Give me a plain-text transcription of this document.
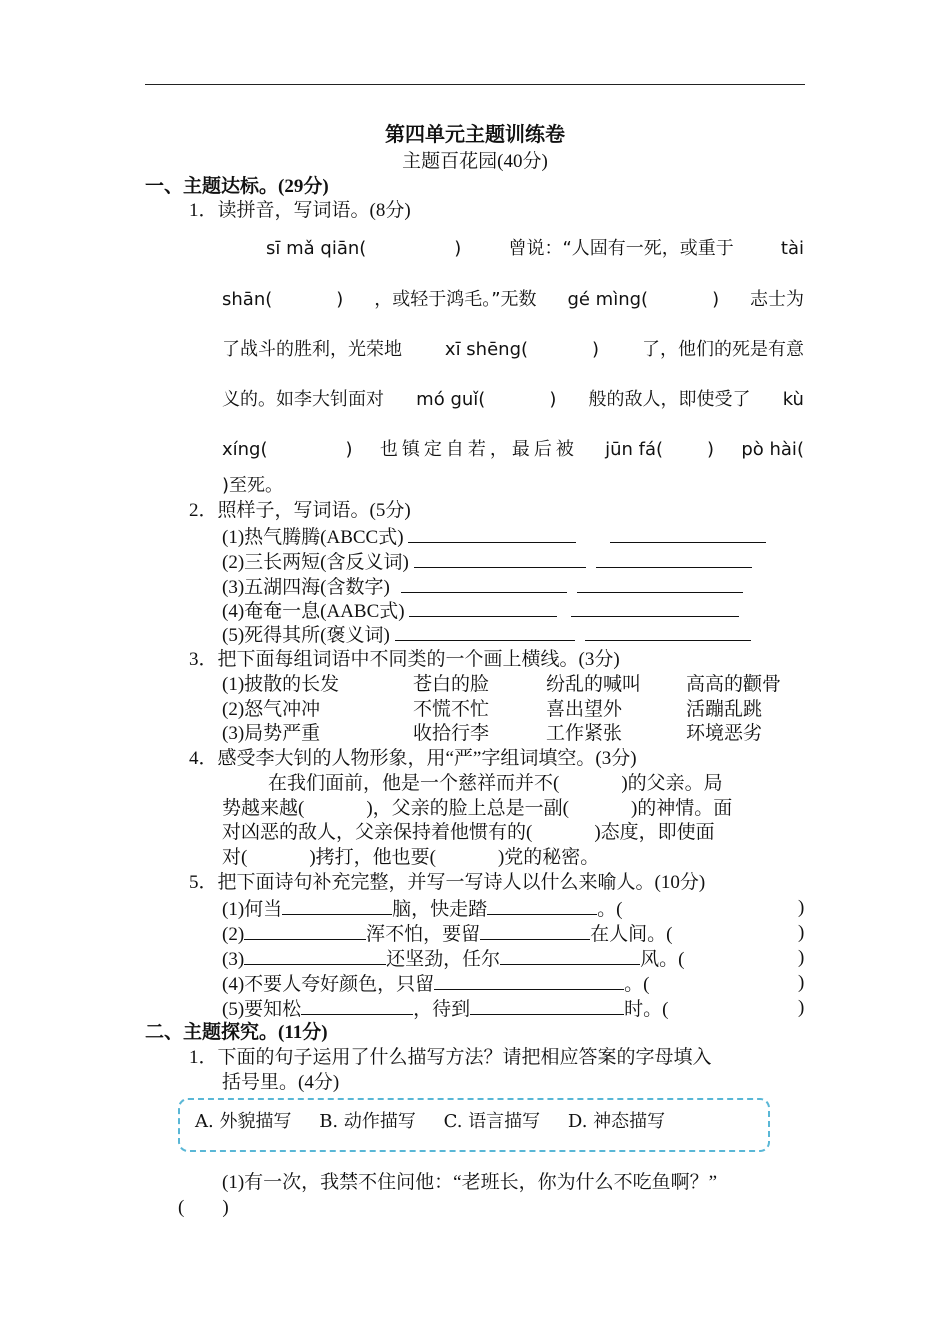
第四单元主题训练卷
主题百花园(40分)
一、主题达标。(29分)
1．读拼音，写词语。(8分)
sī mǎ qiān(	)	曾说：“人固有一死，或重于	tài
shān(	) ，或轻于鸿毛。”无数 gé mìng(	) 志士为
了战斗的胜利，光荣地 xī shēng(	) 了，他们的死是有意
义的。如李大钊面对 mó guǐ(	) 般的敌人，即使受了 kù
xíng(	) 也镇定自若，最后被 jūn fá( ) pò hài(
)至死。
2．照样子，写词语。(5分)
(1)热气腾腾(ABCC式)
(2)三长两短(含反义词)
(3)五湖四海(含数字)
(4)奄奄一息(AABC式)
(5)死得其所(褒义词)
3．把下面每组词语中不同类的一个画上横线。(3分)
(1)披散的长发	苍白的脸	纷乱的喊叫 高高的颧骨
(2)怒气冲冲	不慌不忙	喜出望外	活蹦乱跳
(3)局势严重	收拾行李	工作紧张	环境恶劣
4．感受李大钊的人物形象，用“严”字组词填空。(3分)
在我们面前，他是一个慈祥而并不(	)的父亲。局
势越来越(	)，父亲的脸上总是一副(	)的神情。面
对凶恶的敌人，父亲保持着他惯有的(	)态度，即使面
对(	)拷打，他也要(	)党的秘密。
5．把下面诗句补充完整，并写一写诗人以什么来喻人。(10分)
(1)何当	脑，快走踏	。(	)
(2)	浑不怕，要留	在人间。(	)
(3)	还坚劲，任尔	风。(	)
(4)不要人夸好颜色，只留	。(	)
(5)要知松	，待到	时。(	)
二、主题探究。(11分)
1．下面的句子运用了什么描写方法？请把相应答案的字母填入
括号里。(4分)
A. 外貌描写 B. 动作描写 C. 语言描写 D. 神态描写
(1)有一次，我禁不住问他：“老班长，你为什么不吃鱼啊？”
(　　)
